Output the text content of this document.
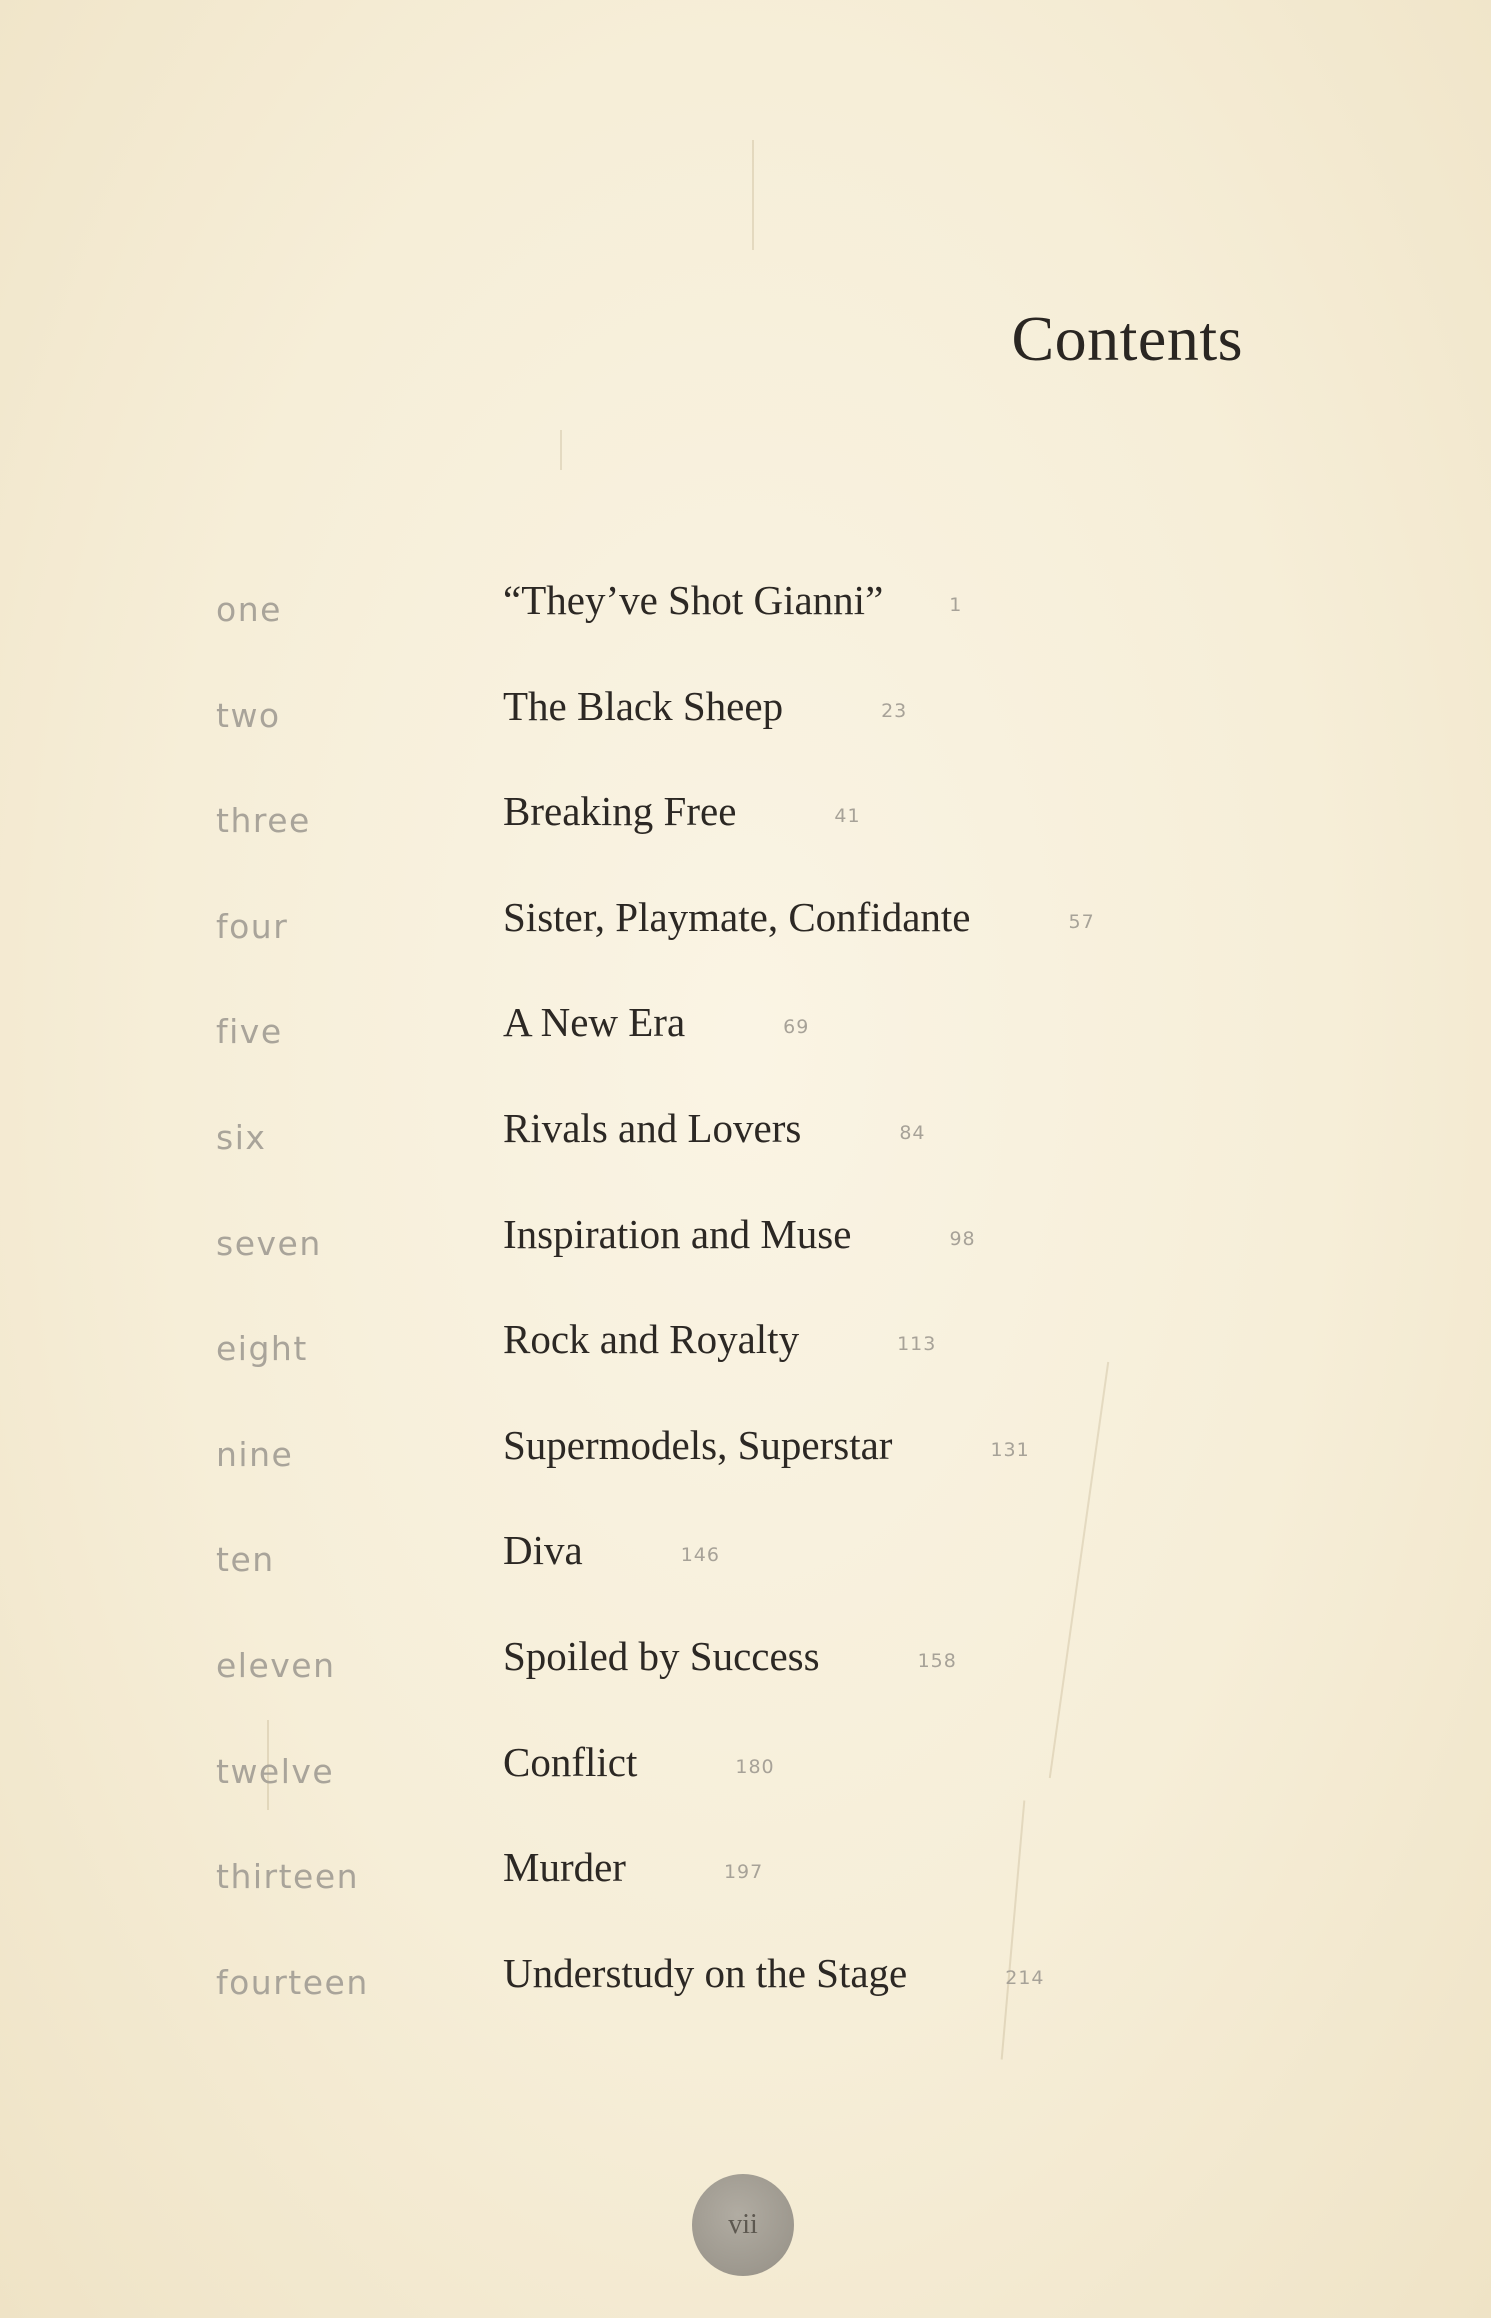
Contents
one	“They’ve Shot Gianni”	1
two	The Black Sheep	23
three	Breaking Free	41
four	Sister, Playmate, Confidante	57
five	A New Era	69
six	Rivals and Lovers	84
seven	Inspiration and Muse	98
eight	Rock and Royalty	113
nine	Supermodels, Superstar	131
ten	Diva	146
eleven	Spoiled by Success	158
twelve	Conflict	180
thirteen	Murder	197
fourteen	Understudy on the Stage	214
vii
